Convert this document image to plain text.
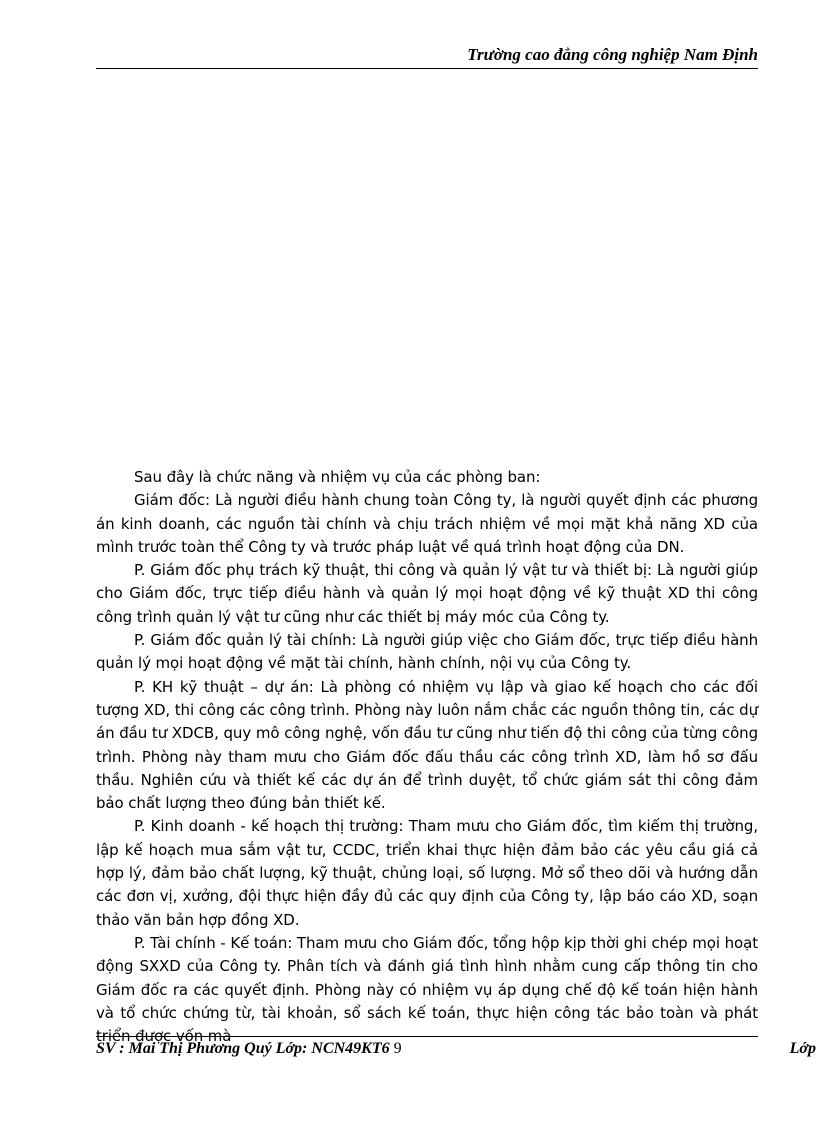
Trường cao đẳng công nghiệp Nam Định

Sau đây là chức năng và nhiệm vụ của các phòng ban:

Giám đốc: Là người điều hành chung toàn Công ty, là người quyết định các phương án kinh doanh, các nguồn tài chính và chịu trách nhiệm về mọi mặt khả năng XD của mình trước toàn thể Công ty và trước pháp luật về quá trình hoạt động của DN.

P. Giám đốc phụ trách kỹ thuật, thi công và quản lý vật tư và thiết bị: Là người giúp cho Giám đốc, trực tiếp điều hành và quản lý mọi hoạt động về kỹ thuật XD thi công công trình quản lý vật tư cũng như các thiết bị máy móc của Công ty.

P. Giám đốc quản lý tài chính: Là người giúp việc cho Giám đốc, trực tiếp điều hành quản lý mọi hoạt động về mặt tài chính, hành chính, nội vụ của Công ty.

P. KH kỹ thuật – dự án: Là phòng có nhiệm vụ lập và giao kế hoạch cho các đối tượng XD, thi công các công trình. Phòng này luôn nắm chắc các nguồn thông tin, các dự án đầu tư XDCB, quy mô công nghệ, vốn đầu tư cũng như tiến độ thi công của từng công trình. Phòng này tham mưu cho Giám đốc đấu thầu các công trình XD, làm hồ sơ đấu thầu. Nghiên cứu và thiết kế các dự án để trình duyệt, tổ chức giám sát thi công đảm bảo chất lượng theo đúng bản thiết kế.

P. Kinh doanh - kế hoạch thị trường: Tham mưu cho Giám đốc, tìm kiếm thị trường, lập kế hoạch mua sắm vật tư, CCDC, triển khai thực hiện đảm bảo các yêu cầu giá cả hợp lý, đảm bảo chất lượng, kỹ thuật, chủng loại, số lượng. Mở sổ theo dõi và hướng dẫn các đơn vị, xưởng, đội thực hiện đầy đủ các quy định của Công ty, lập báo cáo XD, soạn thảo văn bản hợp đồng XD.

P. Tài chính - Kế toán: Tham mưu cho Giám đốc, tổng hộp kịp thời ghi chép mọi hoạt động SXXD của Công ty. Phân tích và đánh giá tình hình nhằm cung cấp thông tin cho Giám đốc ra các quyết định. Phòng này có nhiệm vụ áp dụng chế độ kế toán hiện hành và tổ chức chứng từ, tài khoản, sổ sách kế toán, thực hiện công tác bảo toàn và phát triển được vốn mà

SV : Mai Thị Phương Quý Lớp: NCN49KT6 9	Lớp
